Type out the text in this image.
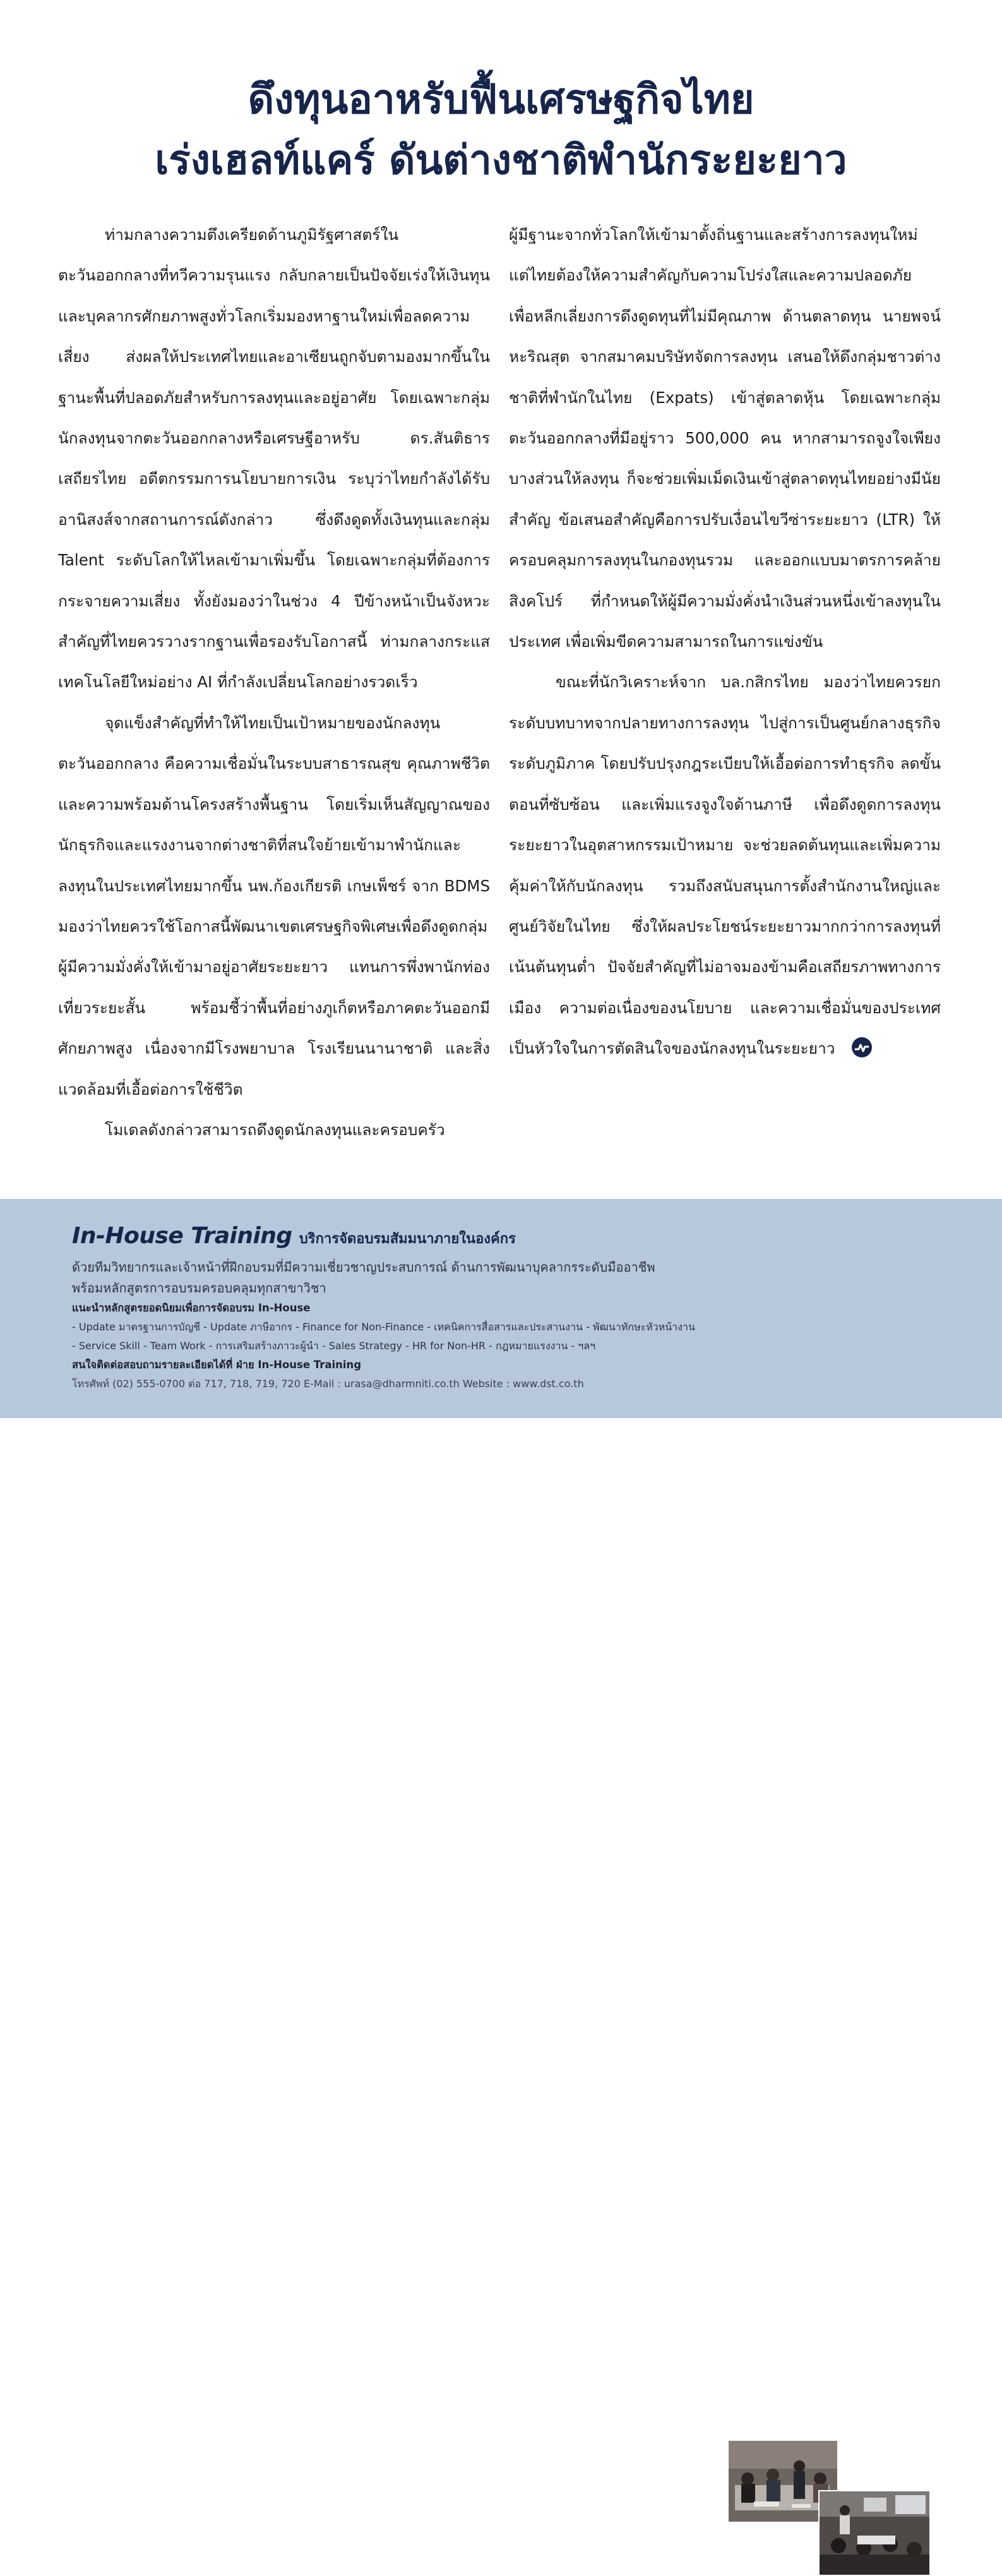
ดึงทุนอาหรับฟื้นเศรษฐกิจไทย
เร่งเฮลท์แคร์ ดันต่างชาติพำนักระยะยาว

ท่ามกลางความตึงเครียดด้านภูมิรัฐศาสตร์ในตะวันออกกลางที่ทวีความรุนแรง กลับกลายเป็นปัจจัยเร่งให้เงินทุนและบุคลากรศักยภาพสูงทั่วโลกเริ่มมองหาฐานใหม่เพื่อลดความเสี่ยง ส่งผลให้ประเทศไทยและอาเซียนถูกจับตามองมากขึ้นในฐานะพื้นที่ปลอดภัยสำหรับการลงทุนและอยู่อาศัย โดยเฉพาะกลุ่มนักลงทุนจากตะวันออกกลางหรือเศรษฐีอาหรับ ดร.สันติธาร เสถียรไทย อดีตกรรมการนโยบายการเงิน ระบุว่าไทยกำลังได้รับอานิสงส์จากสถานการณ์ดังกล่าว ซึ่งดึงดูดทั้งเงินทุนและกลุ่ม Talent ระดับโลกให้ไหลเข้ามาเพิ่มขึ้น โดยเฉพาะกลุ่มที่ต้องการกระจายความเสี่ยง ทั้งยังมองว่าในช่วง 4 ปีข้างหน้าเป็นจังหวะสำคัญที่ไทยควรวางรากฐานเพื่อรองรับโอกาสนี้ ท่ามกลางกระแสเทคโนโลยีใหม่อย่าง AI ที่กำลังเปลี่ยนโลกอย่างรวดเร็ว

จุดแข็งสำคัญที่ทำให้ไทยเป็นเป้าหมายของนักลงทุนตะวันออกกลาง คือความเชื่อมั่นในระบบสาธารณสุข คุณภาพชีวิต และความพร้อมด้านโครงสร้างพื้นฐาน โดยเริ่มเห็นสัญญาณของนักธุรกิจและแรงงานจากต่างชาติที่สนใจย้ายเข้ามาพำนักและลงทุนในประเทศไทยมากขึ้น นพ.ก้องเกียรติ เกษเพ็ชร์ จาก BDMS มองว่าไทยควรใช้โอกาสนี้พัฒนาเขตเศรษฐกิจพิเศษเพื่อดึงดูดกลุ่มผู้มีความมั่งคั่งให้เข้ามาอยู่อาศัยระยะยาว แทนการพึ่งพานักท่องเที่ยวระยะสั้น พร้อมชี้ว่าพื้นที่อย่างภูเก็ตหรือภาคตะวันออกมีศักยภาพสูง เนื่องจากมีโรงพยาบาล โรงเรียนนานาชาติ และสิ่งแวดล้อมที่เอื้อต่อการใช้ชีวิต

โมเดลดังกล่าวสามารถดึงดูดนักลงทุนและครอบครัว

ผู้มีฐานะจากทั่วโลกให้เข้ามาตั้งถิ่นฐานและสร้างการลงทุนใหม่ แต่ไทยต้องให้ความสำคัญกับความโปร่งใสและความปลอดภัย เพื่อหลีกเลี่ยงการดึงดูดทุนที่ไม่มีคุณภาพ ด้านตลาดทุน นายพจน์ หะริณสุต จากสมาคมบริษัทจัดการลงทุน เสนอให้ดึงกลุ่มชาวต่างชาติที่พำนักในไทย (Expats) เข้าสู่ตลาดหุ้น โดยเฉพาะกลุ่มตะวันออกกลางที่มีอยู่ราว 500,000 คน หากสามารถจูงใจเพียงบางส่วนให้ลงทุน ก็จะช่วยเพิ่มเม็ดเงินเข้าสู่ตลาดทุนไทยอย่างมีนัยสำคัญ ข้อเสนอสำคัญคือการปรับเงื่อนไขวีซ่าระยะยาว (LTR) ให้ครอบคลุมการลงทุนในกองทุนรวม และออกแบบมาตรการคล้ายสิงคโปร์ ที่กำหนดให้ผู้มีความมั่งคั่งนำเงินส่วนหนึ่งเข้าลงทุนในประเทศ เพื่อเพิ่มขีดความสามารถในการแข่งขัน

ขณะที่นักวิเคราะห์จาก บล.กสิกรไทย มองว่าไทยควรยกระดับบทบาทจากปลายทางการลงทุน ไปสู่การเป็นศูนย์กลางธุรกิจระดับภูมิภาค โดยปรับปรุงกฎระเบียบให้เอื้อต่อการทำธุรกิจ ลดขั้นตอนที่ซับซ้อน และเพิ่มแรงจูงใจด้านภาษี เพื่อดึงดูดการลงทุนระยะยาวในอุตสาหกรรมเป้าหมาย จะช่วยลดต้นทุนและเพิ่มความคุ้มค่าให้กับนักลงทุน รวมถึงสนับสนุนการตั้งสำนักงานใหญ่และศูนย์วิจัยในไทย ซึ่งให้ผลประโยชน์ระยะยาวมากกว่าการลงทุนที่เน้นต้นทุนต่ำ ปัจจัยสำคัญที่ไม่อาจมองข้ามคือเสถียรภาพทางการเมือง ความต่อเนื่องของนโยบาย และความเชื่อมั่นของประเทศ เป็นหัวใจในการตัดสินใจของนักลงทุนในระยะยาว

In-House Training บริการจัดอบรมสัมมนาภายในองค์กร
ด้วยทีมวิทยากรและเจ้าหน้าที่ฝึกอบรมที่มีความเชี่ยวชาญประสบการณ์ ด้านการพัฒนาบุคลากรระดับมืออาชีพ
พร้อมหลักสูตรการอบรมครอบคลุมทุกสาขาวิชา
แนะนำหลักสูตรยอดนิยมเพื่อการจัดอบรม In-House
- Update มาตรฐานการบัญชี - Update ภาษีอากร - Finance for Non-Finance - เทคนิคการสื่อสารและประสานงาน - พัฒนาทักษะหัวหน้างาน
- Service Skill - Team Work - การเสริมสร้างภาวะผู้นำ - Sales Strategy - HR for Non-HR - กฎหมายแรงงาน - ฯลฯ
สนใจติดต่อสอบถามรายละเอียดได้ที่ ฝ่าย In-House Training
โทรศัพท์ (02) 555-0700 ต่อ 717, 718, 719, 720 E-Mail : urasa@dharmniti.co.th Website : www.dst.co.th
